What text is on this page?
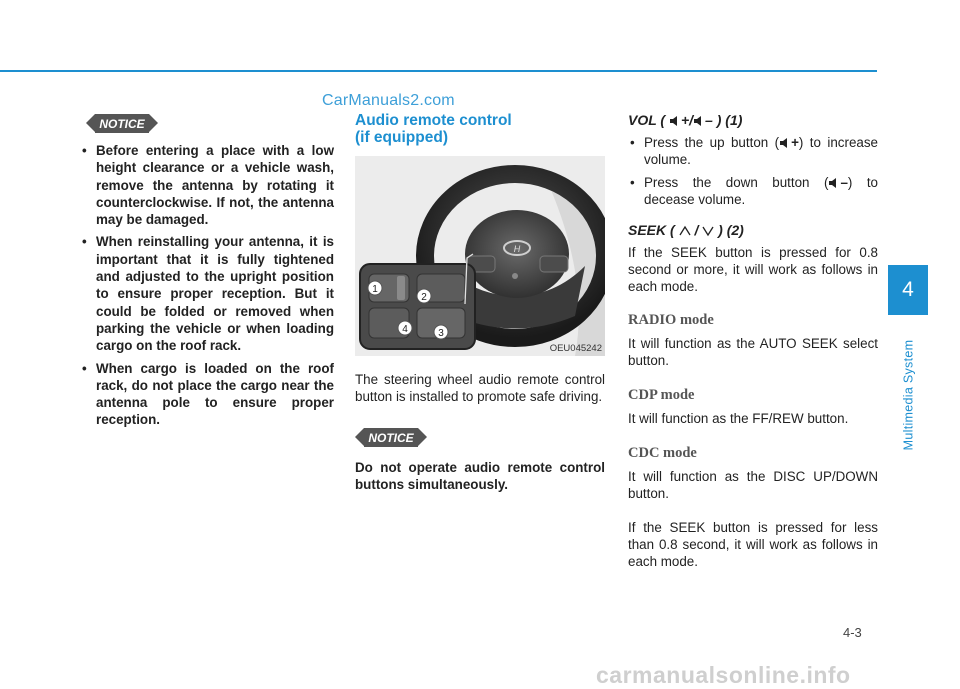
CarManuals2.com
4
Multimedia System
NOTICE
• Before entering a place with a low height clearance or a vehicle wash, remove the antenna by rotating it counterclockwise. If not, the antenna may be damaged.
• When reinstalling your antenna, it is important that it is fully tightened and adjusted to the upright position to ensure proper reception. But it could be folded or removed when parking the vehicle or when loading cargo on the roof rack.
• When cargo is loaded on the roof rack, do not place the cargo near the antenna pole to ensure proper reception.
Audio remote control
(if equipped)
H
1
2
3
4
OEU045242

The steering wheel audio remote control button is installed to promote safe driving.

Do not operate audio remote control buttons simultaneously.

NOTICE

VOL ( +/ – ) (1)

• Press the up button ( +) to increase volume.
• Press the down button ( –) to decease volume.

SEEK ( / ) (2)

If the SEEK button is pressed for 0.8 second or more, it will work as follows in each mode.

RADIO mode

It will function as the AUTO SEEK select button.

CDP mode

It will function as the FF/REW button.

CDC mode

It will function as the DISC UP/DOWN button.

If the SEEK button is pressed for less than 0.8 second, it will work as follows in each mode.

4-3
carmanualsonline.info
